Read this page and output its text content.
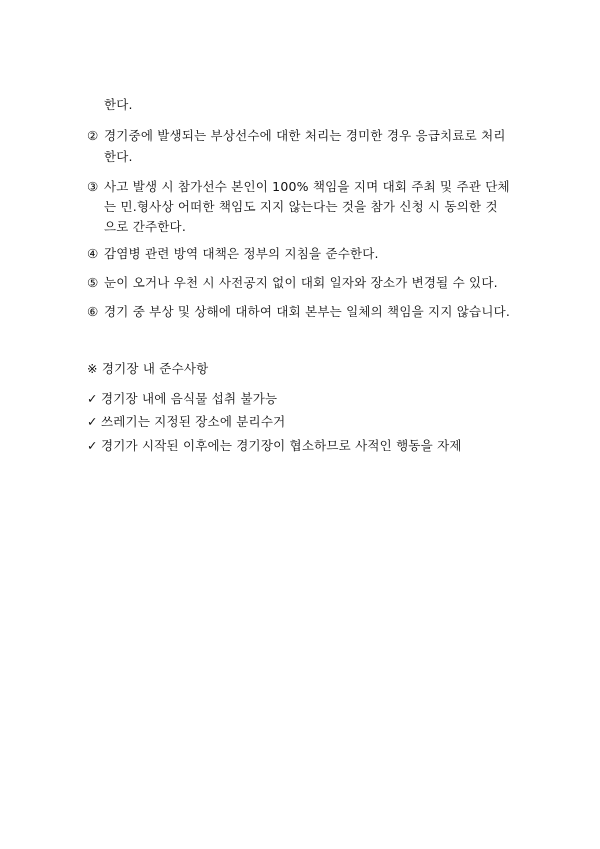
한다.
② 경기중에 발생되는 부상선수에 대한 처리는 경미한 경우 응급치료로 처리
한다.
③ 사고 발생 시 참가선수 본인이 100% 책임을 지며 대회 주최 및 주관 단체
는 민.형사상 어떠한 책임도 지지 않는다는 것을 참가 신청 시 동의한 것
으로 간주한다.
④ 감염병 관련 방역 대책은 정부의 지침을 준수한다.
⑤ 눈이 오거나 우천 시 사전공지 없이 대회 일자와 장소가 변경될 수 있다.
⑥ 경기 중 부상 및 상해에 대하여 대회 본부는 일체의 책임을 지지 않습니다.
※ 경기장 내 준수사항
✓ 경기장 내에 음식물 섭취 불가능
✓ 쓰레기는 지정된 장소에 분리수거
✓ 경기가 시작된 이후에는 경기장이 협소하므로 사적인 행동을 자제
